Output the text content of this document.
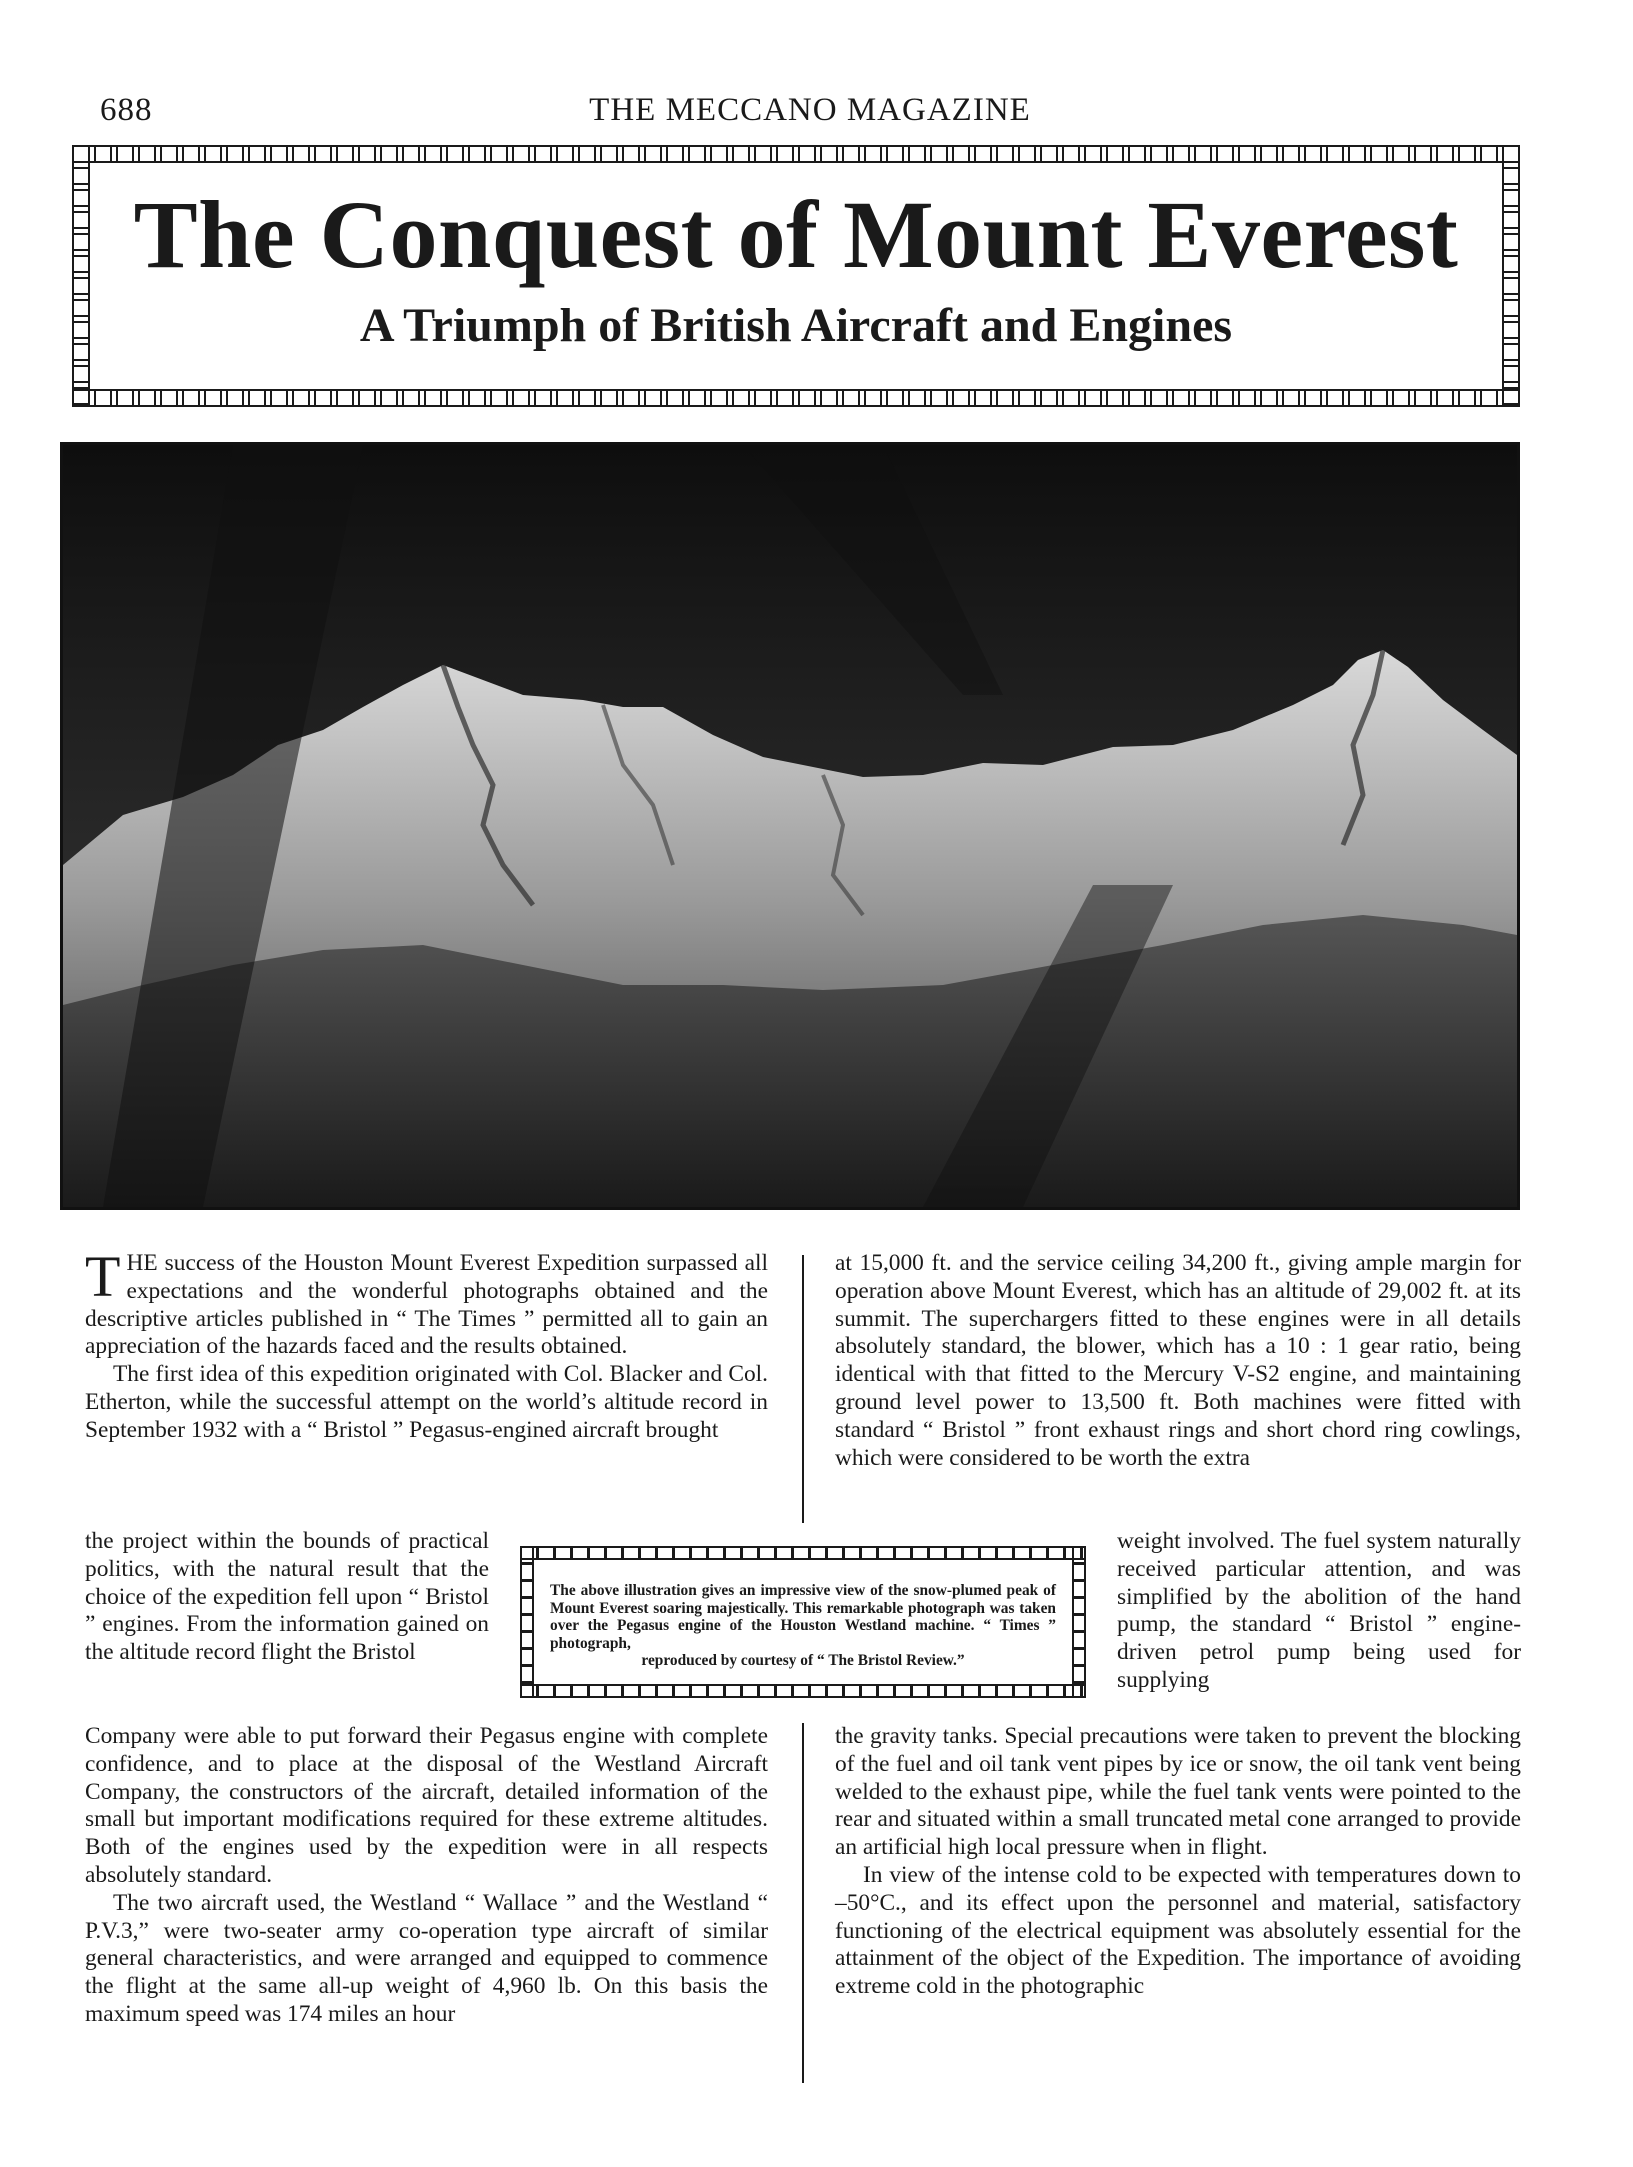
688	THE MECCANO MAGAZINE
The Conquest of Mount Everest
A Triumph of British Aircraft and Engines

THE success of the Houston Mount Everest Expedition surpassed all expectations and the wonderful photographs obtained and the descriptive articles published in “ The Times ” permitted all to gain an appreciation of the hazards faced and the results obtained.

The first idea of this expedition originated with Col. Blacker and Col. Etherton, while the successful attempt on the world’s altitude record in September 1932 with a “ Bristol ” Pegasus-engined aircraft brought

the project within the bounds of practical politics, with the natural result that the choice of the expedition fell upon “ Bristol ” engines. From the information gained on the altitude record flight the Bristol

Company were able to put forward their Pegasus engine with complete confidence, and to place at the disposal of the Westland Aircraft Company, the constructors of the aircraft, detailed information of the small but important modifications required for these extreme altitudes. Both of the engines used by the expedition were in all respects absolutely standard.

The two aircraft used, the Westland “ Wallace ” and the Westland “ P.V.3,” were two-seater army co-operation type aircraft of similar general characteristics, and were arranged and equipped to commence the flight at the same all-up weight of 4,960 lb. On this basis the maximum speed was 174 miles an hour

at 15,000 ft. and the service ceiling 34,200 ft., giving ample margin for operation above Mount Everest, which has an altitude of 29,002 ft. at its summit. The superchargers fitted to these engines were in all details absolutely standard, the blower, which has a 10 : 1 gear ratio, being identical with that fitted to the Mercury V-S2 engine, and maintaining ground level power to 13,500 ft. Both machines were fitted with standard “ Bristol ” front exhaust rings and short chord ring cowlings, which were considered to be worth the extra

weight involved. The fuel system naturally received particular attention, and was simplified by the abolition of the hand pump, the standard “ Bristol ” engine-driven petrol pump being used for supplying

the gravity tanks. Special precautions were taken to prevent the blocking of the fuel and oil tank vent pipes by ice or snow, the oil tank vent being welded to the exhaust pipe, while the fuel tank vents were pointed to the rear and situated within a small truncated metal cone arranged to provide an artificial high local pressure when in flight.

In view of the intense cold to be expected with temperatures down to –50°C., and its effect upon the personnel and material, satisfactory functioning of the electrical equipment was absolutely essential for the attainment of the object of the Expedition. The importance of avoiding extreme cold in the photographic

The above illustration gives an impressive view of the snow-plumed peak of Mount Everest soaring majestically. This remarkable photograph was taken over the Pegasus engine of the Houston Westland machine. “ Times ” photograph,
reproduced by courtesy of “ The Bristol Review.”
